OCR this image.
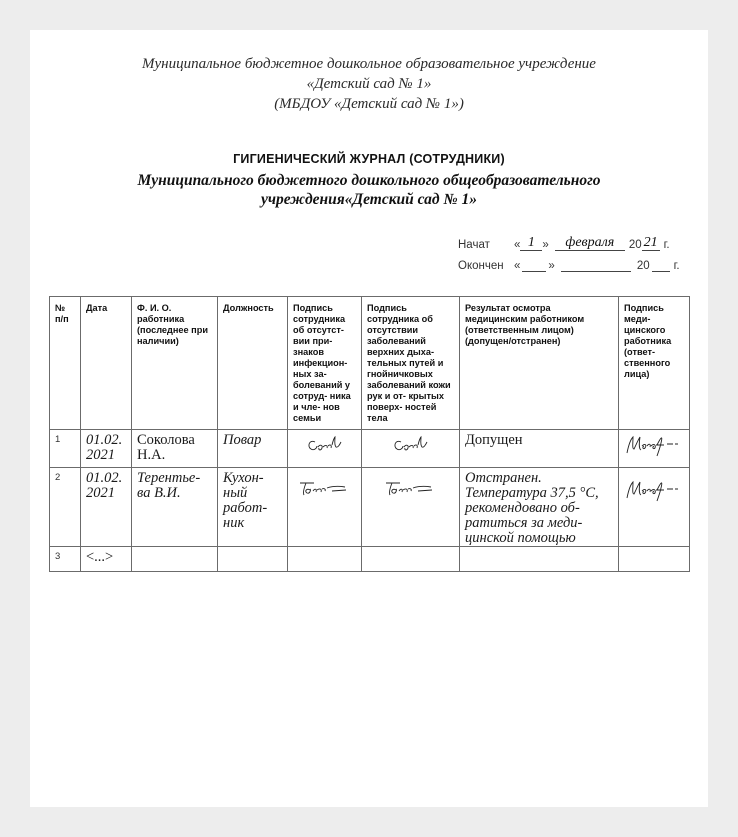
Муниципальное бюджетное дошкольное образовательное учреждение
«Детский сад № 1»
(МБДОУ «Детский сад № 1»)
ГИГИЕНИЧЕСКИЙ ЖУРНАЛ (СОТРУДНИКИ)
Муниципального бюджетного дошкольного общеобразовательного
учреждения«Детский сад № 1»
Начат	« 1 »	февраля	20 21 г.
Окончен « »	20 г.
№ п/п	Дата	Ф. И. О. работника (последнее при наличии)	Должность	Подпись сотрудника об отсутст- вии при- знаков инфекцион- ных за- болеваний у сотруд- ника и чле- нов семьи	Подпись сотрудника об отсутствии заболеваний верхних дыха- тельных путей и гнойничковых заболеваний кожи рук и от- крытых поверх- ностей тела	Результат осмотра медицинским работником (ответственным лицом) (допущен/отстранен)	Подпись меди- цинского работника (ответ- ственного лица)
1	01.02. 2021	Соколова Н.А.	Повар			Допущен	
2	01.02. 2021	Терентье- ва В.И.	Кухон- ный работ- ник			Отстранен. Температура 37,5 °С, рекомендовано об- ратиться за меди- цинской помощью	
3	<...>						
